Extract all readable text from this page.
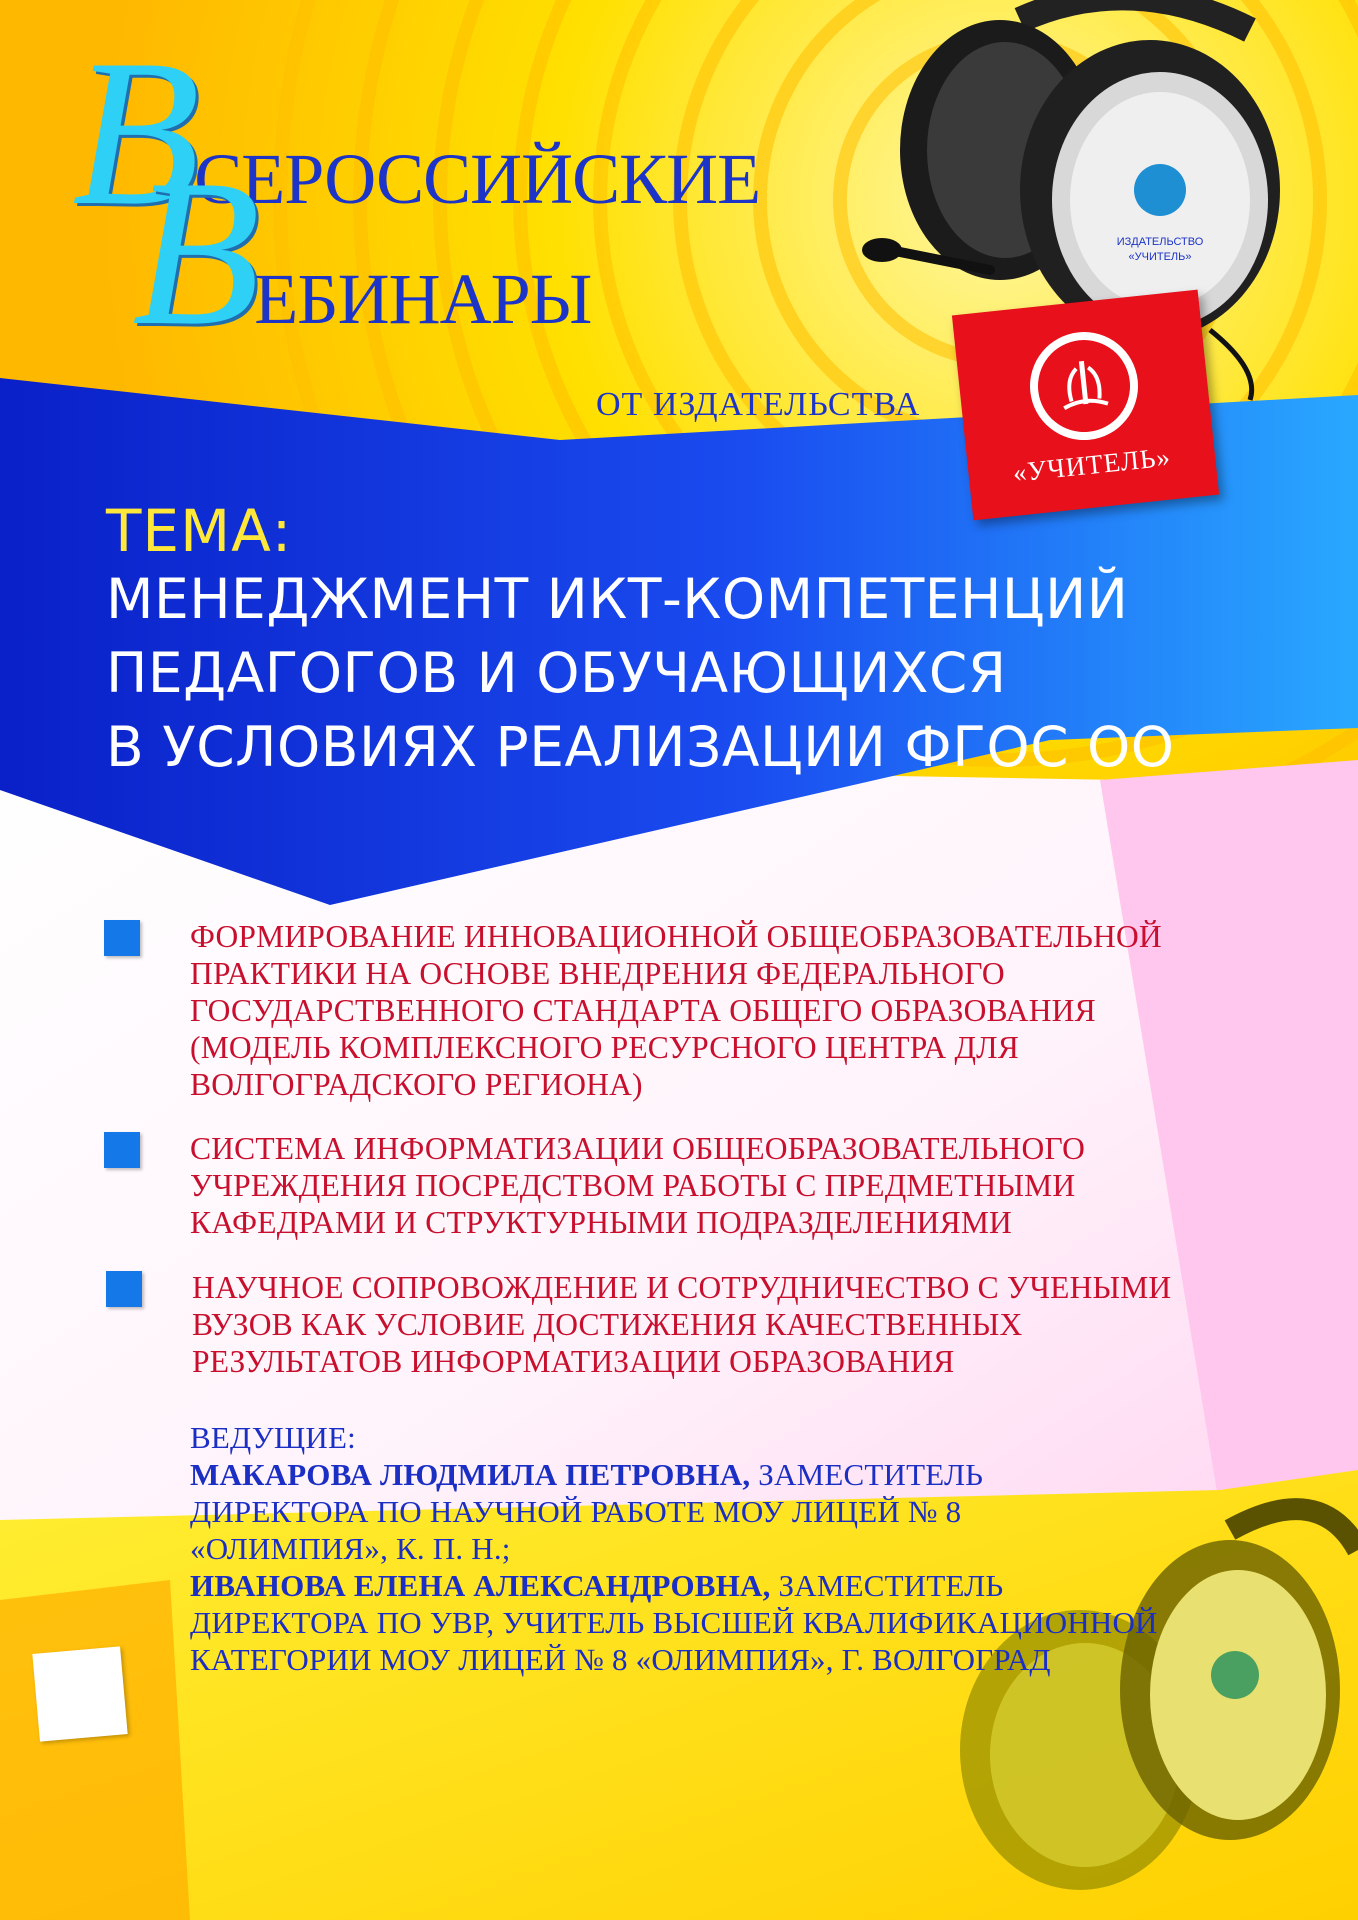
ИЗДАТЕЛЬСТВО
«УЧИТЕЛЬ»
ВСЕРОССИЙСКИЕ
ВЕБИНАРЫ
ОТ ИЗДАТЕЛЬСТВА
«УЧИТЕЛЬ»
ТЕМА:
МЕНЕДЖМЕНТ ИКТ-КОМПЕТЕНЦИЙ
ПЕДАГОГОВ И ОБУЧАЮЩИХСЯ
В УСЛОВИЯХ РЕАЛИЗАЦИИ ФГОС ОО
ФОРМИРОВАНИЕ ИННОВАЦИОННОЙ ОБЩЕОБРАЗОВАТЕЛЬНОЙ
ПРАКТИКИ НА ОСНОВЕ ВНЕДРЕНИЯ ФЕДЕРАЛЬНОГО
ГОСУДАРСТВЕННОГО СТАНДАРТА ОБЩЕГО ОБРАЗОВАНИЯ
(МОДЕЛЬ КОМПЛЕКСНОГО РЕСУРСНОГО ЦЕНТРА ДЛЯ
ВОЛГОГРАДСКОГО РЕГИОНА)
СИСТЕМА ИНФОРМАТИЗАЦИИ ОБЩЕОБРАЗОВАТЕЛЬНОГО
УЧРЕЖДЕНИЯ ПОСРЕДСТВОМ РАБОТЫ С ПРЕДМЕТНЫМИ
КАФЕДРАМИ И СТРУКТУРНЫМИ ПОДРАЗДЕЛЕНИЯМИ
НАУЧНОЕ СОПРОВОЖДЕНИЕ И СОТРУДНИЧЕСТВО С УЧЕНЫМИ
ВУЗОВ КАК УСЛОВИЕ ДОСТИЖЕНИЯ КАЧЕСТВЕННЫХ
РЕЗУЛЬТАТОВ ИНФОРМАТИЗАЦИИ ОБРАЗОВАНИЯ
ВЕДУЩИЕ:
МАКАРОВА ЛЮДМИЛА ПЕТРОВНА, ЗАМЕСТИТЕЛЬ
ДИРЕКТОРА ПО НАУЧНОЙ РАБОТЕ МОУ ЛИЦЕЙ № 8
«ОЛИМПИЯ», К. П. Н.;
ИВАНОВА ЕЛЕНА АЛЕКСАНДРОВНА, ЗАМЕСТИТЕЛЬ
ДИРЕКТОРА ПО УВР, УЧИТЕЛЬ ВЫСШЕЙ КВАЛИФИКАЦИОННОЙ
КАТЕГОРИИ МОУ ЛИЦЕЙ № 8 «ОЛИМПИЯ», Г. ВОЛГОГРАД
